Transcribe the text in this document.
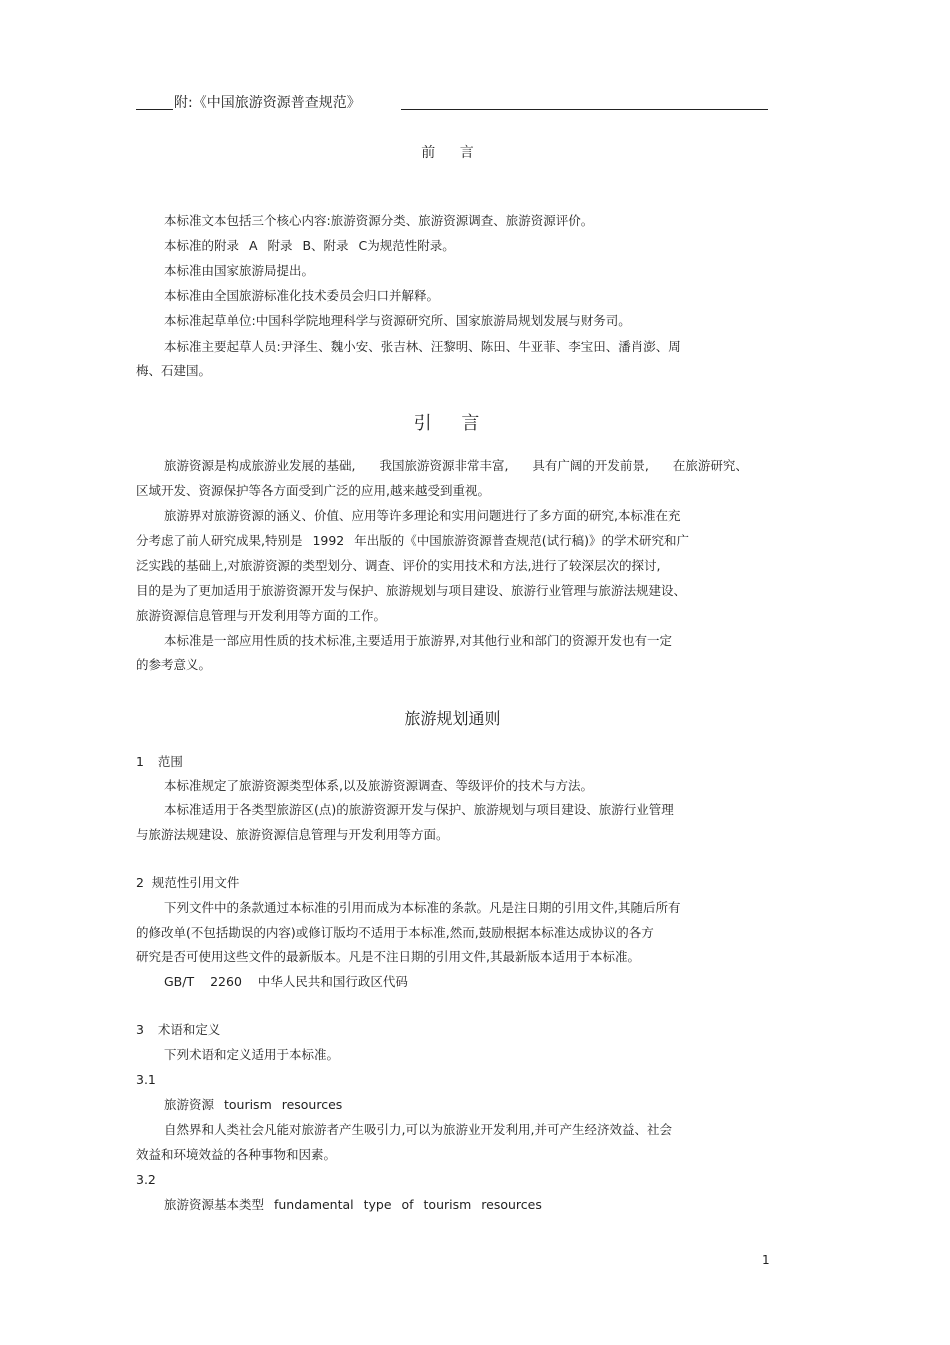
附:《中国旅游资源普查规范》
前 言
本标准文本包括三个核心内容:旅游资源分类、旅游资源调查、旅游资源评价。
本标准的附录 A 附录 B、附录 C为规范性附录。
本标准由国家旅游局提出。
本标准由全国旅游标准化技术委员会归口并解释。
本标准起草单位:中国科学院地理科学与资源研究所、国家旅游局规划发展与财务司。
本标准主要起草人员:尹泽生、魏小安、张吉林、汪黎明、陈田、牛亚菲、李宝田、潘肖澎、周
梅、石建国。
引 言
旅游资源是构成旅游业发展的基础, 我国旅游资源非常丰富, 具有广阔的开发前景, 在旅游研究、
区域开发、资源保护等各方面受到广泛的应用,越来越受到重视。
旅游界对旅游资源的涵义、价值、应用等许多理论和实用问题进行了多方面的研究,本标准在充
分考虑了前人研究成果,特别是 1992 年出版的《中国旅游资源普查规范(试行稿)》的学术研究和广
泛实践的基础上,对旅游资源的类型划分、调查、评价的实用技术和方法,进行了较深层次的探讨,
目的是为了更加适用于旅游资源开发与保护、旅游规划与项目建设、旅游行业管理与旅游法规建设、
旅游资源信息管理与开发利用等方面的工作。
本标准是一部应用性质的技术标准,主要适用于旅游界,对其他行业和部门的资源开发也有一定
的参考意义。
旅游规划通则
1 范围
本标准规定了旅游资源类型体系,以及旅游资源调查、等级评价的技术与方法。
本标准适用于各类型旅游区(点)的旅游资源开发与保护、旅游规划与项目建设、旅游行业管理
与旅游法规建设、旅游资源信息管理与开发利用等方面。
2 规范性引用文件
下列文件中的条款通过本标准的引用而成为本标准的条款。凡是注日期的引用文件,其随后所有
的修改单(不包括勘误的内容)或修订版均不适用于本标准,然而,鼓励根据本标准达成协议的各方
研究是否可使用这些文件的最新版本。凡是不注日期的引用文件,其最新版本适用于本标准。
GB/T 2260 中华人民共和国行政区代码
3 术语和定义
下列术语和定义适用于本标准。
3.1
旅游资源 tourism resources
自然界和人类社会凡能对旅游者产生吸引力,可以为旅游业开发利用,并可产生经济效益、社会
效益和环境效益的各种事物和因素。
3.2
旅游资源基本类型 fundamental type of tourism resources
1
